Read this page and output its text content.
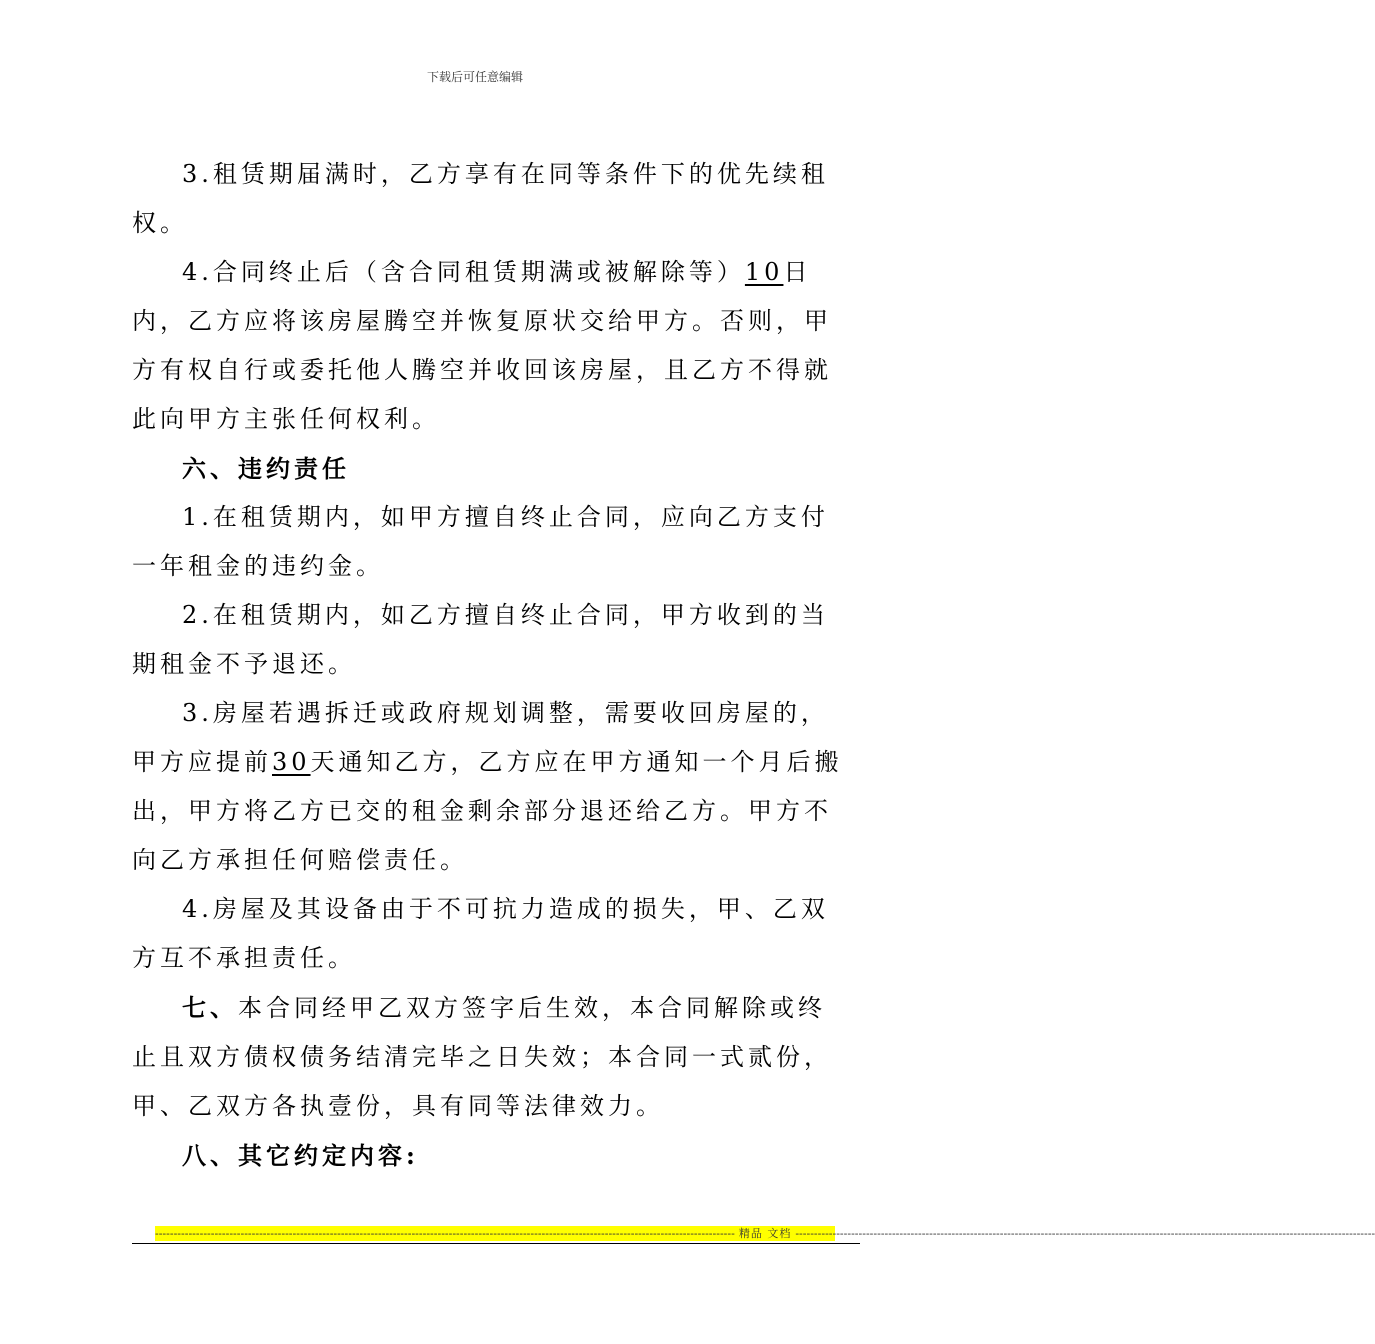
下载后可任意编辑

3.租赁期届满时，乙方享有在同等条件下的优先续租权。

4.合同终止后（含合同租赁期满或被解除等）10日内，乙方应将该房屋腾空并恢复原状交给甲方。否则，甲方有权自行或委托他人腾空并收回该房屋，且乙方不得就此向甲方主张任何权利。

六、违约责任

1.在租赁期内，如甲方擅自终止合同，应向乙方支付一年租金的违约金。

2.在租赁期内，如乙方擅自终止合同，甲方收到的当期租金不予退还。

3.房屋若遇拆迁或政府规划调整，需要收回房屋的，甲方应提前30天通知乙方，乙方应在甲方通知一个月后搬出，甲方将乙方已交的租金剩余部分退还给乙方。甲方不向乙方承担任何赔偿责任。

4.房屋及其设备由于不可抗力造成的损失，甲、乙双方互不承担责任。

七、本合同经甲乙双方签字后生效，本合同解除或终止且双方债权债务结清完毕之日失效；本合同一式贰份，甲、乙双方各执壹份，具有同等法律效力。

八、其它约定内容:

------------------------------------------------------------------------------------------------------------------------------------------------------------ 精品 文档 ------------------------------------------------------------------------------------------------------------------------------------------------------------
